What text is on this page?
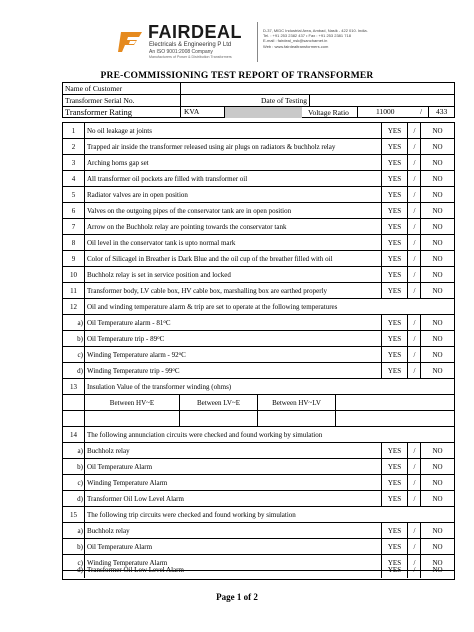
FAIRDEAL
Electricals & Engineering P Ltd
An ISO 9001:2008 Company
Manufacturers of Power & Distribution Transformers
D-37, MIDC Industrial Area, Ambad, Nasik - 422 010. India.
Tel. : +91 253 2382 437 • Fax : +91 253 2381 718
E-mail : fairdeal_nsk@sancharnet.in
Web : www.fairdealtransformers.com
PRE-COMMISSIONING TEST REPORT OF TRANSFORMER
Name of Customer
Transformer Serial No.	Date of Testing
Transformer Rating	KVA	Voltage Ratio	11000	/ 433
1	No oil leakage at joints	YES	/	NO
2	Trapped air inside the transformer released using air plugs on radiators & buchholz relay	YES	/	NO
3	Arching horns gap set	YES	/	NO
4	All transformer oil pockets are filled with transformer oil	YES	/	NO
5	Radiator valves are in open position	YES	/	NO
6	Valves on the outgoing pipes of the conservator tank are in open position	YES	/	NO
7	Arrow on the Buchholz relay are pointing towards the conservator tank	YES	/	NO
8	Oil level in the conservator tank is upto normal mark	YES	/	NO
9	Color of Silicagel in Breather is Dark Blue and the oil cup of the breather filled with oil	YES	/	NO
10	Buchholz relay is set in service position and locked	YES	/	NO
11	Transformer body, LV cable box, HV cable box, marshalling box are earthed properly	YES	/	NO
12	Oil and winding temperature alarm & trip are set to operate at the following temperatures
a) Oil Temperature alarm - 81 o C	YES	/	NO
b) Oil Temperature trip - 89 o C	YES	/	NO
c) Winding Temperature alarm - 92 o C	YES	/	NO
d) Winding Temperature trip - 99 o C	YES	/	NO
13	Insulation Value of the transformer winding (ohms)
Between HV~E	Between LV~E	Between HV~LV
14	The following annunciation circuits were checked and found working by simulation
a) Buchholz relay	YES	/	NO
b) Oil Temperature Alarm	YES	/	NO
c) Winding Temperature Alarm	YES	/	NO
d) Transformer Oil Low Level Alarm	YES	/	NO
15	The following trip circuits were checked and found working by simulation
a) Buchholz relay	YES	/	NO
b) Oil Temperature Alarm	YES	/	NO
c) Winding Temperature Alarm	YES	/	NO
d) Transformer Oil Low Level Alarm	YES	/	NO
Page 1 of 2
